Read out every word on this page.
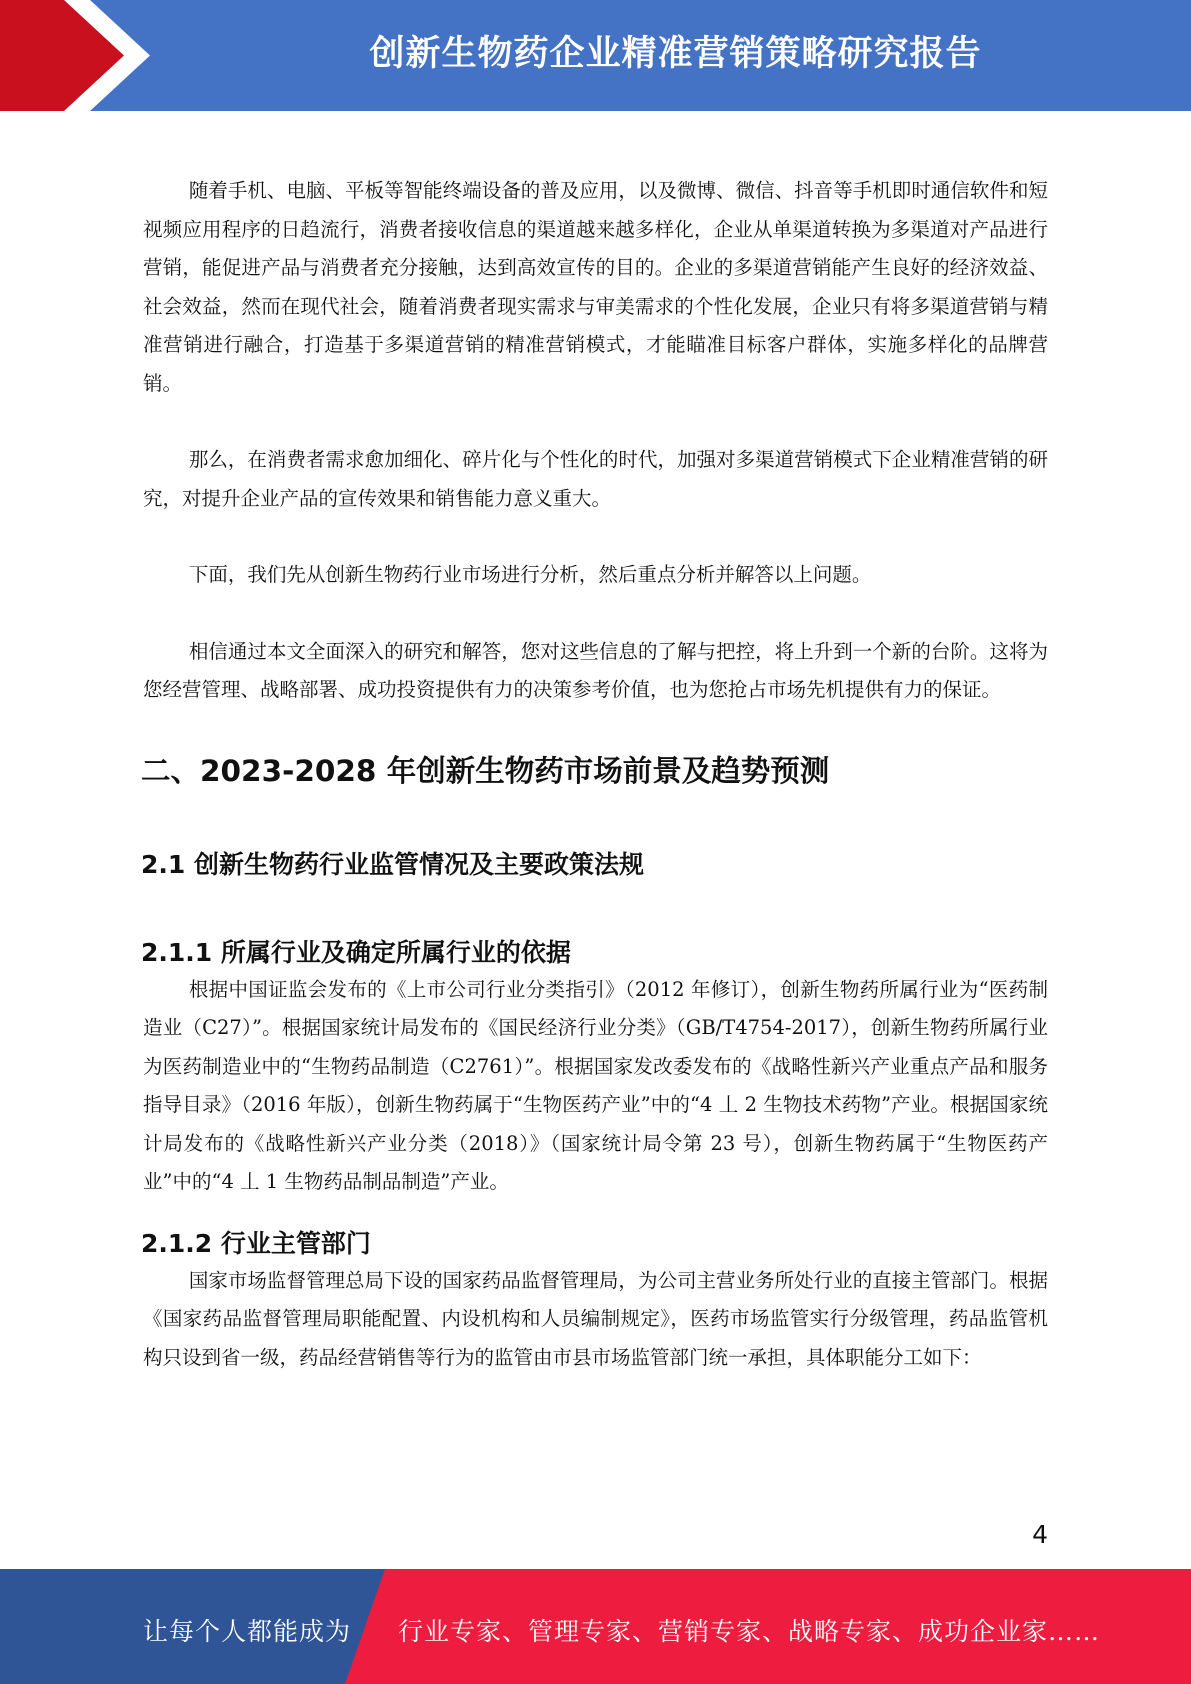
创新生物药企业精准营销策略研究报告

随着手机、电脑、平板等智能终端设备的普及应用，以及微博、微信、抖音等手机即时通信软件和短视频应用程序的日趋流行，消费者接收信息的渠道越来越多样化，企业从单渠道转换为多渠道对产品进行营销，能促进产品与消费者充分接触，达到高效宣传的目的。企业的多渠道营销能产生良好的经济效益、社会效益，然而在现代社会，随着消费者现实需求与审美需求的个性化发展，企业只有将多渠道营销与精准营销进行融合，打造基于多渠道营销的精准营销模式，才能瞄准目标客户群体，实施多样化的品牌营销。

那么，在消费者需求愈加细化、碎片化与个性化的时代，加强对多渠道营销模式下企业精准营销的研究，对提升企业产品的宣传效果和销售能力意义重大。

下面，我们先从创新生物药行业市场进行分析，然后重点分析并解答以上问题。

相信通过本文全面深入的研究和解答，您对这些信息的了解与把控，将上升到一个新的台阶。这将为您经营管理、战略部署、成功投资提供有力的决策参考价值，也为您抢占市场先机提供有力的保证。

二、2023-2028 年创新生物药市场前景及趋势预测
2.1 创新生物药行业监管情况及主要政策法规
2.1.1 所属行业及确定所属行业的依据

根据中国证监会发布的《上市公司行业分类指引》（2012 年修订），创新生物药所属行业为“医药制造业（C27）”。根据国家统计局发布的《国民经济行业分类》（GB/T4754-2017），创新生物药所属行业为医药制造业中的“生物药品制造（C2761）”。根据国家发改委发布的《战略性新兴产业重点产品和服务指导目录》（2016 年版），创新生物药属于“生物医药产业”中的“4 丄 2 生物技术药物”产业。根据国家统计局发布的《战略性新兴产业分类（2018）》（国家统计局令第 23 号），创新生物药属于“生物医药产业”中的“4 丄 1 生物药品制品制造”产业。

2.1.2 行业主管部门

国家市场监督管理总局下设的国家药品监督管理局，为公司主营业务所处行业的直接主管部门。根据《国家药品监督管理局职能配置、内设机构和人员编制规定》，医药市场监管实行分级管理，药品监管机构只设到省一级，药品经营销售等行为的监管由市县市场监管部门统一承担，具体职能分工如下：

4
让每个人都能成为 行业专家、管理专家、营销专家、战略专家、成功企业家……
